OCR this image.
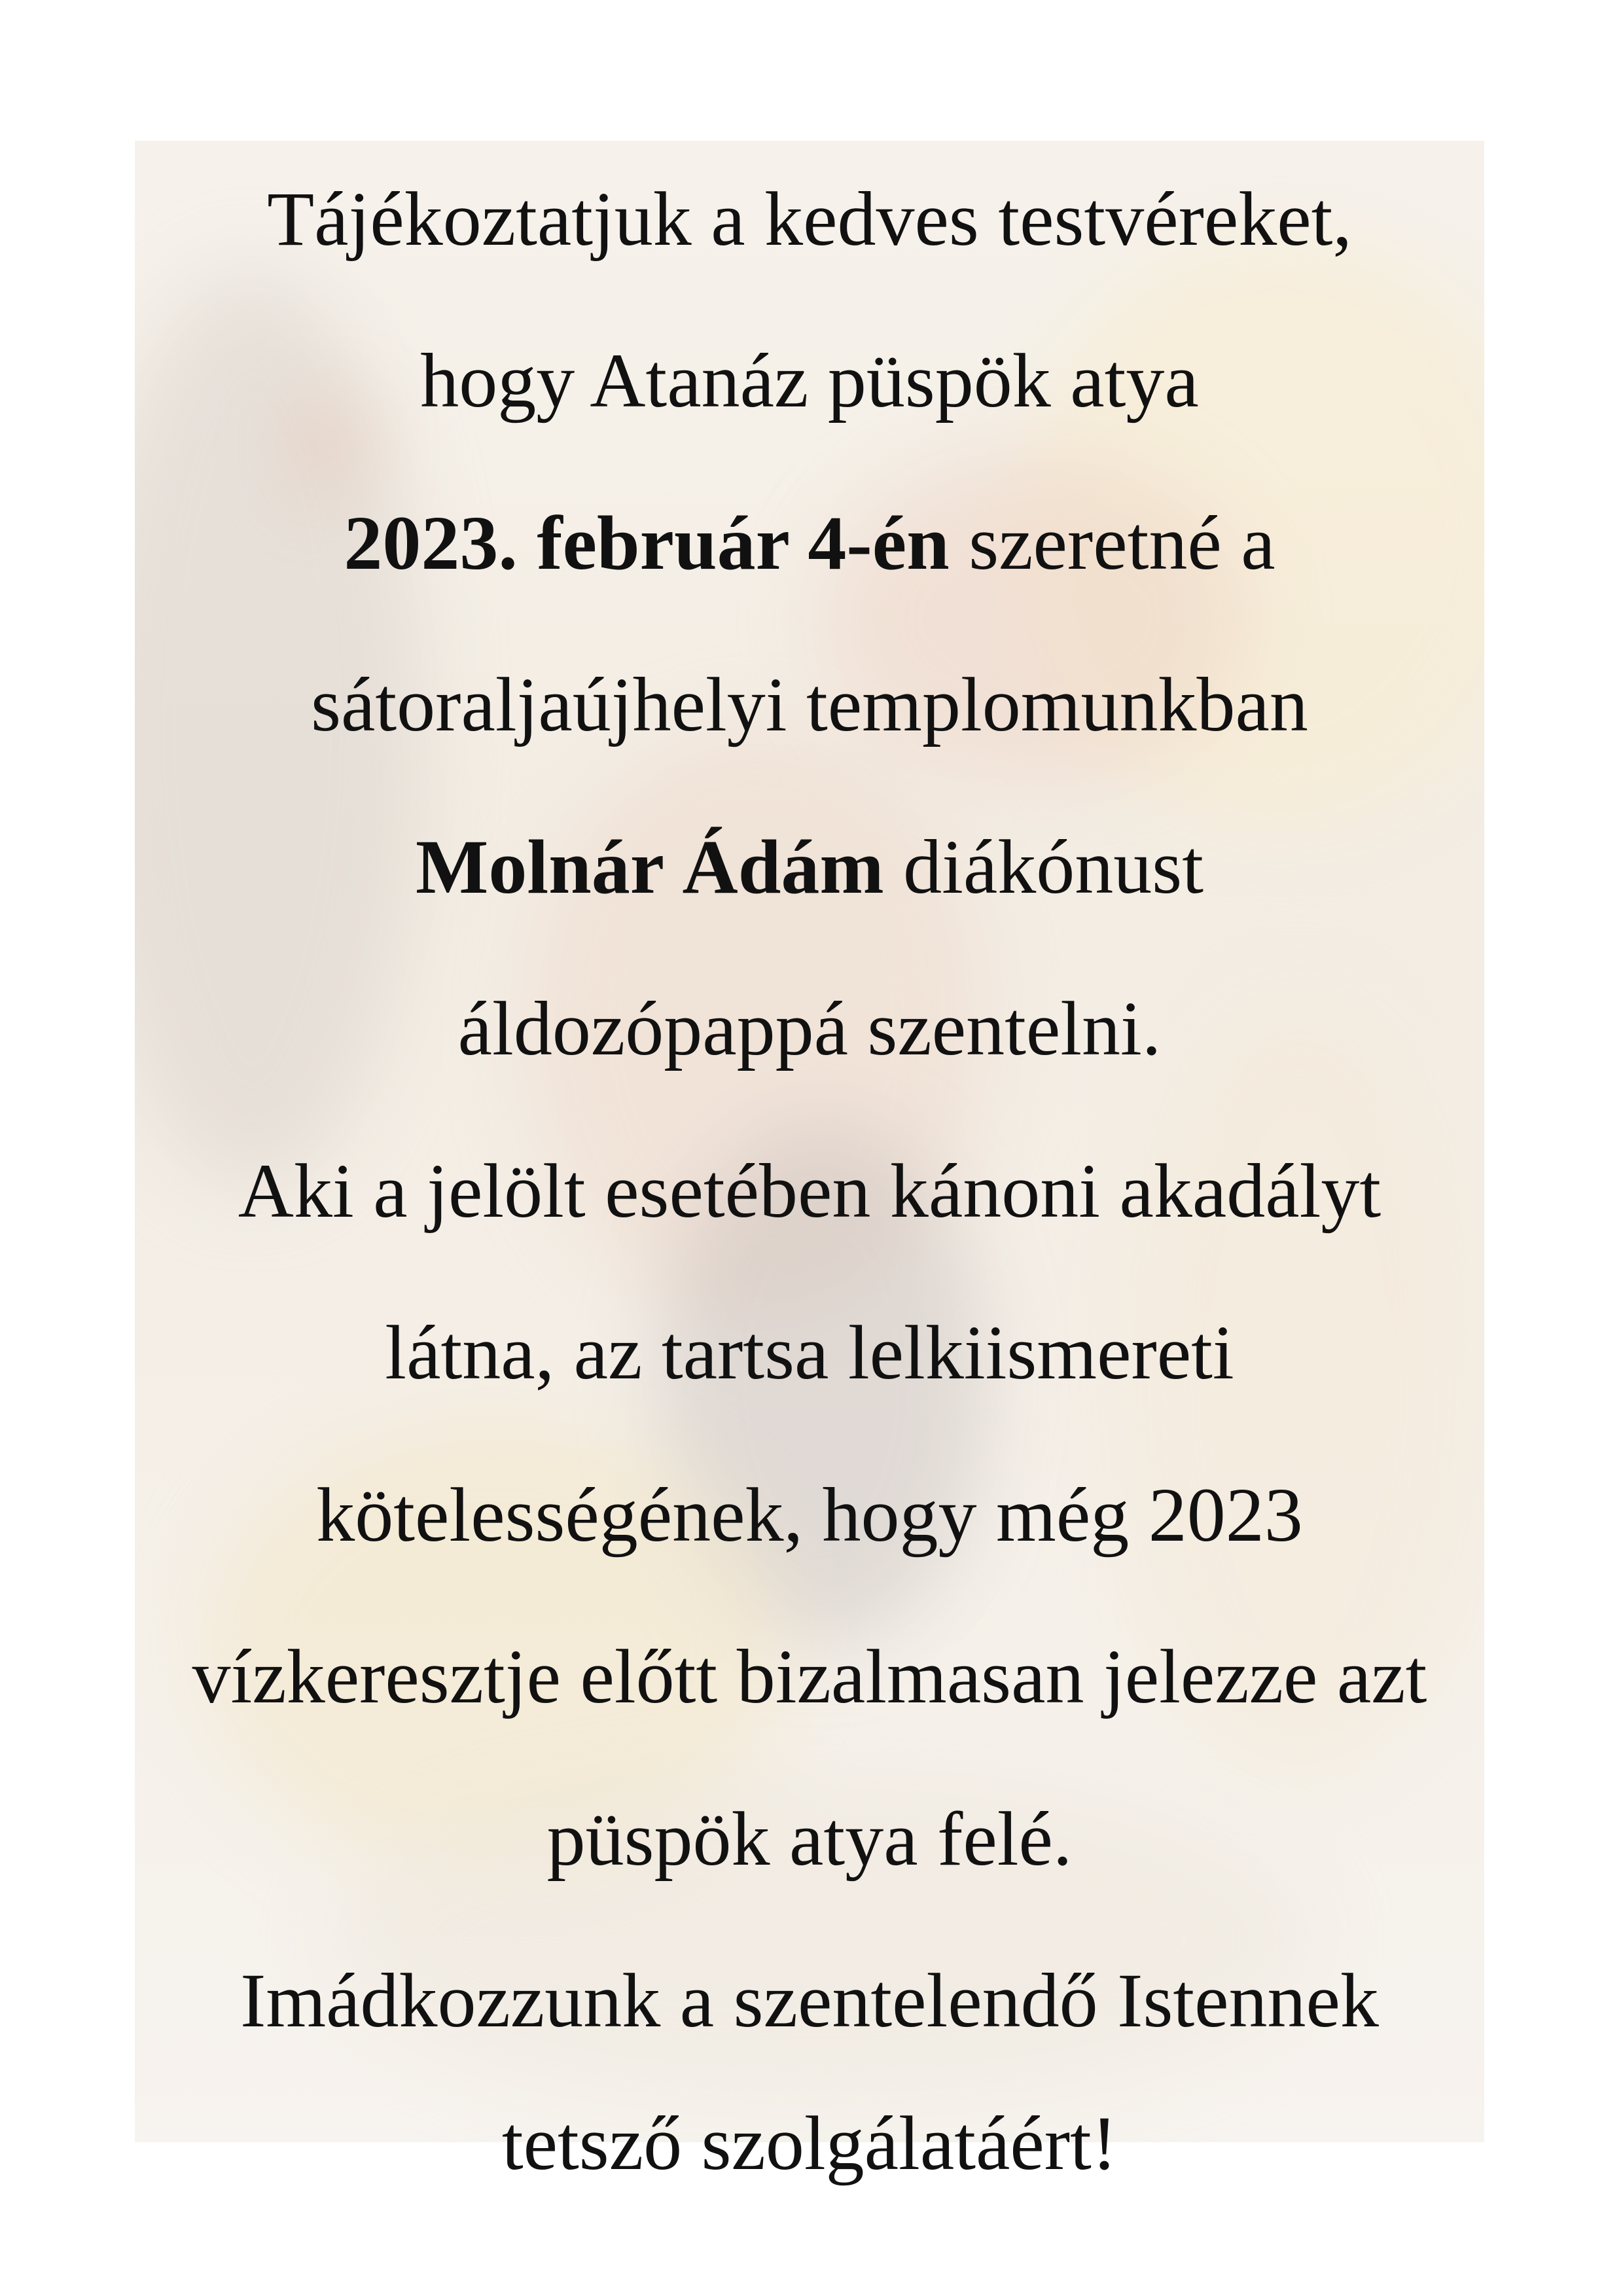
Tájékoztatjuk a kedves testvéreket,

hogy Atanáz püspök atya

2023. február 4-én szeretné a

sátoraljaújhelyi templomunkban

Molnár Ádám diákónust

áldozópappá szentelni.

Aki a jelölt esetében kánoni akadályt

látna, az tartsa lelkiismereti

kötelességének, hogy még 2023

vízkeresztje előtt bizalmasan jelezze azt

püspök atya felé.

Imádkozzunk a szentelendő Istennek

tetsző szolgálatáért!
